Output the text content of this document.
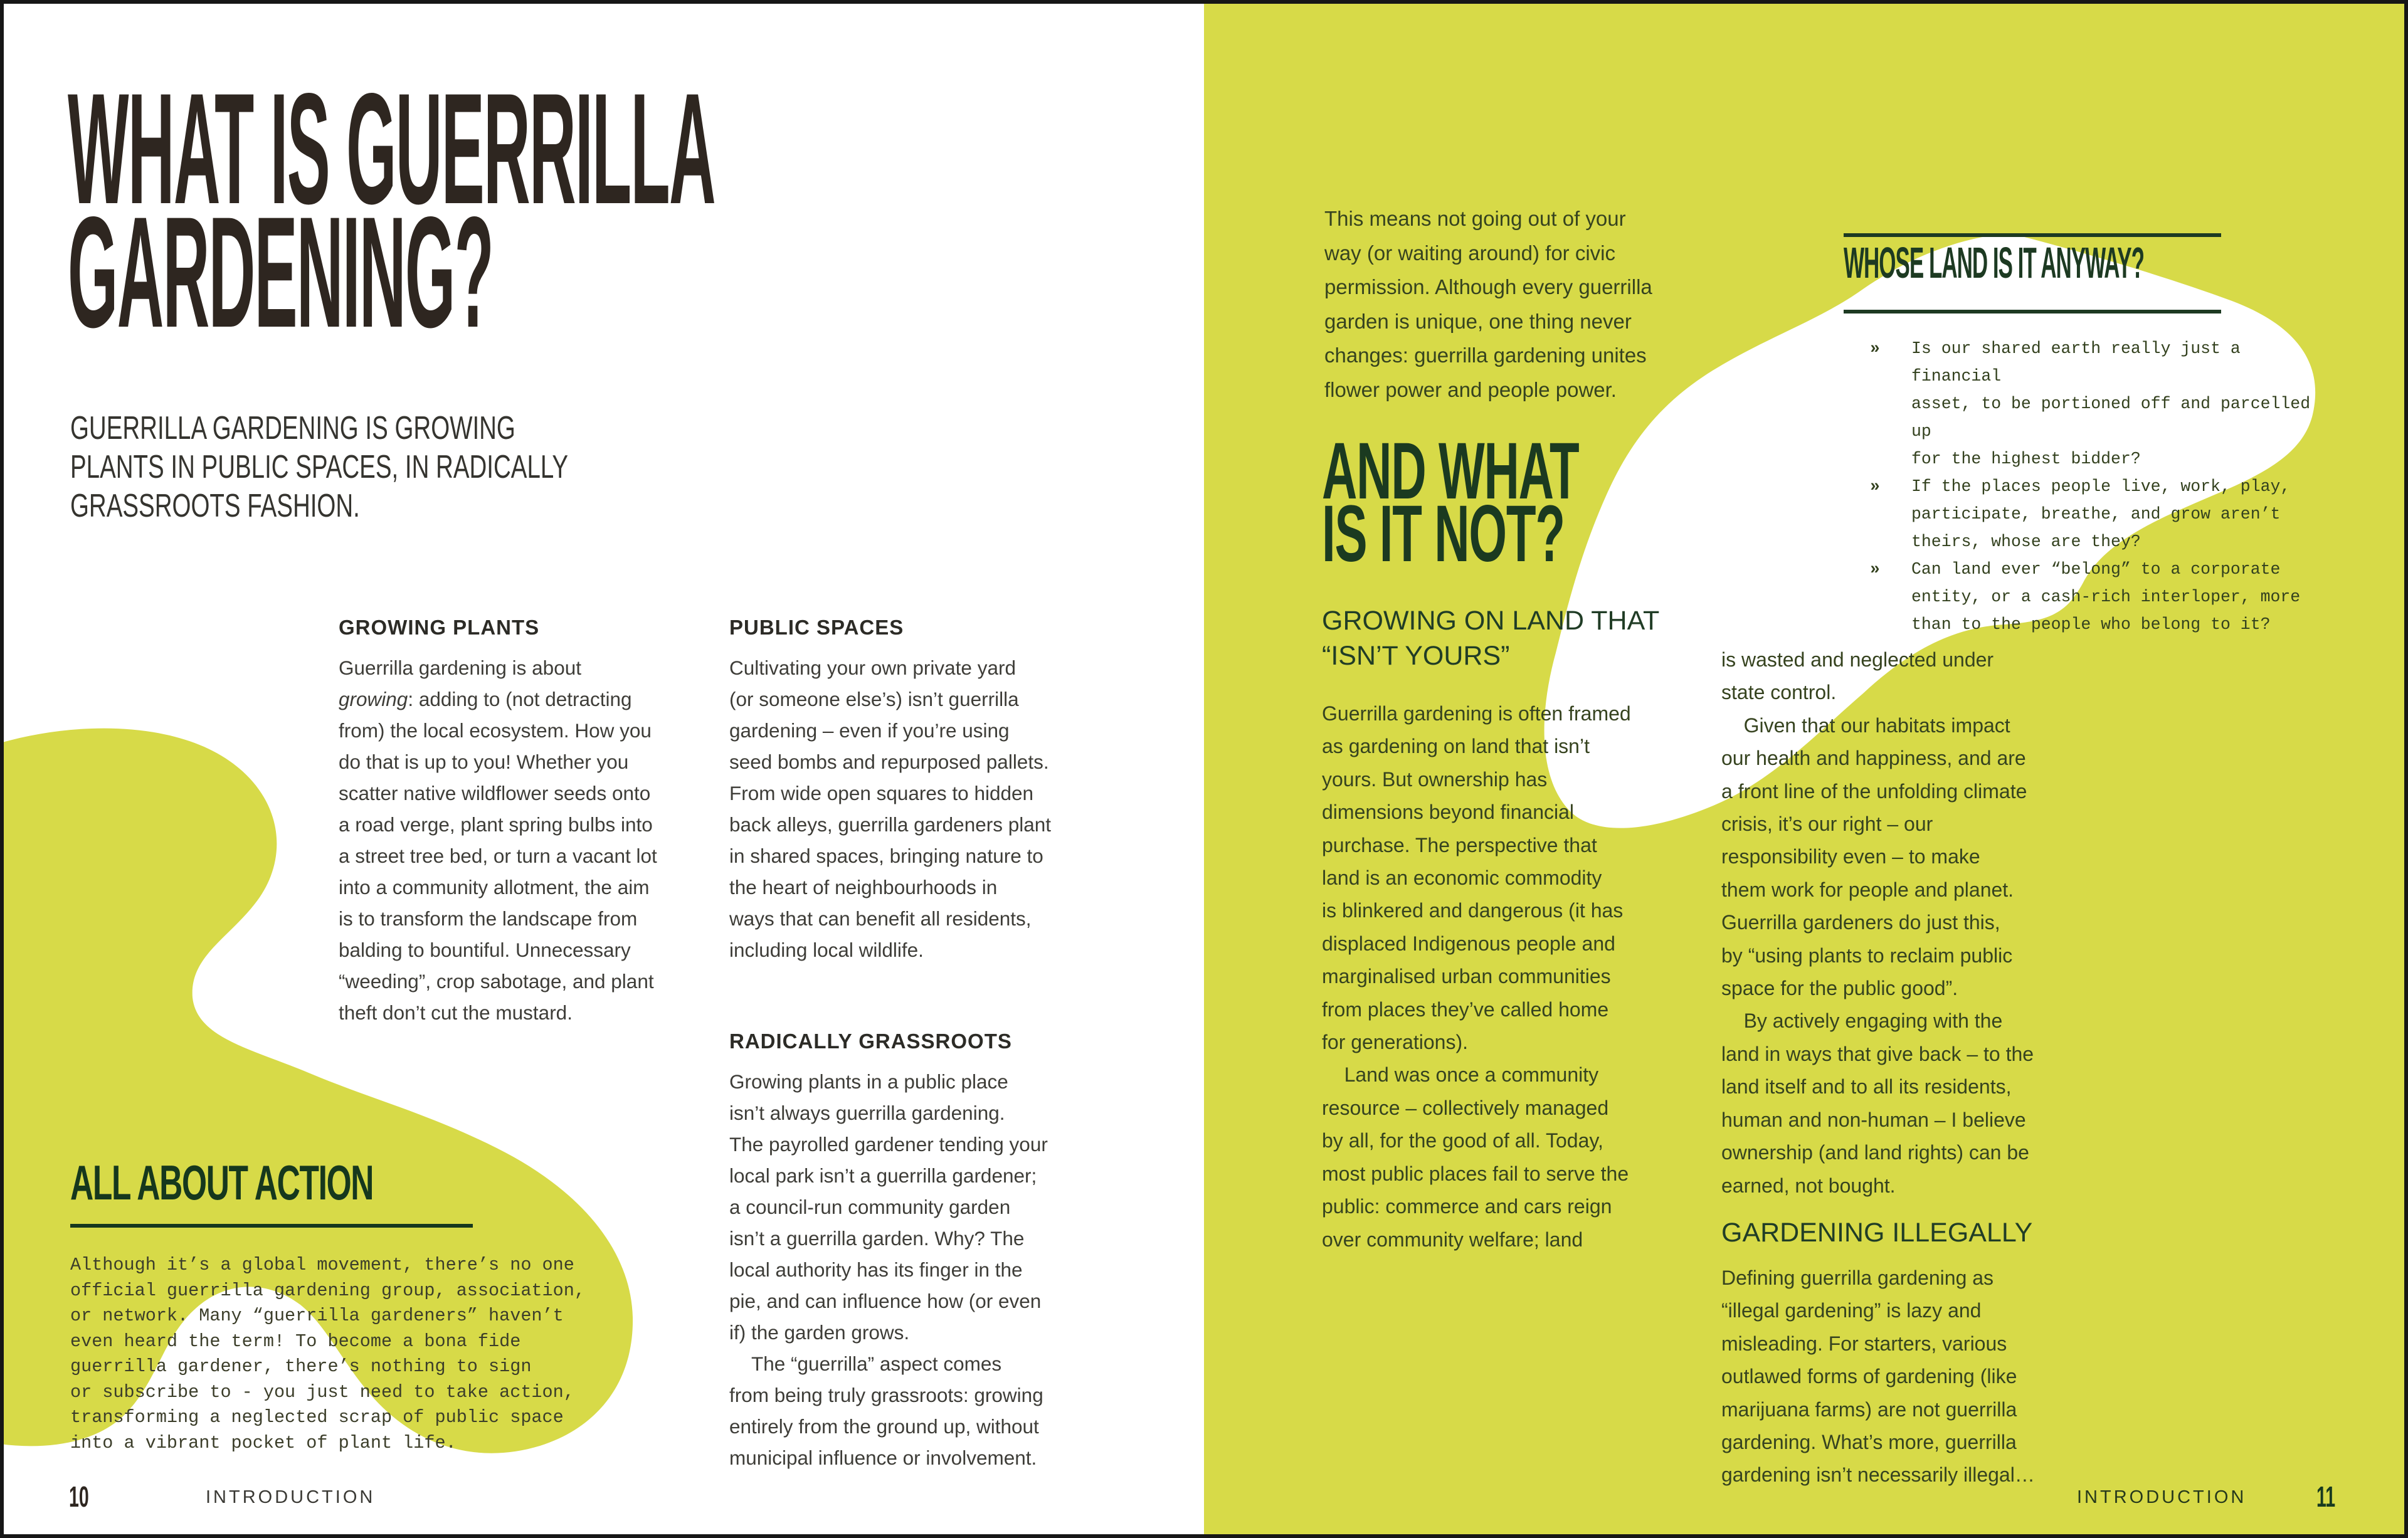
WHAT IS GUERRILLA
GARDENING?
GUERRILLA GARDENING IS GROWING
PLANTS IN PUBLIC SPACES, IN RADICALLY
GRASSROOTS FASHION.
GROWING PLANTS
Guerrilla gardening is about
growing: adding to (not detracting
from) the local ecosystem. How you
do that is up to you! Whether you
scatter native wildflower seeds onto
a road verge, plant spring bulbs into
a street tree bed, or turn a vacant lot
into a community allotment, the aim
is to transform the landscape from
balding to bountiful. Unnecessary
“weeding”, crop sabotage, and plant
theft don’t cut the mustard.
PUBLIC SPACES
Cultivating your own private yard
(or someone else’s) isn’t guerrilla
gardening – even if you’re using
seed bombs and repurposed pallets.
From wide open squares to hidden
back alleys, guerrilla gardeners plant
in shared spaces, bringing nature to
the heart of neighbourhoods in
ways that can benefit all residents,
including local wildlife.
RADICALLY GRASSROOTS
Growing plants in a public place
isn’t always guerrilla gardening.
The payrolled gardener tending your
local park isn’t a guerrilla gardener;
a council-run community garden
isn’t a guerrilla garden. Why? The
local authority has its finger in the
pie, and can influence how (or even
if) the garden grows.
The “guerrilla” aspect comes
from being truly grassroots: growing
entirely from the ground up, without
municipal influence or involvement.
ALL ABOUT ACTION
Although it’s a global movement, there’s no one
official guerrilla gardening group, association,
or network. Many “guerrilla gardeners” haven’t
even heard the term! To become a bona fide
guerrilla gardener, there’s nothing to sign
or subscribe to - you just need to take action,
transforming a neglected scrap of public space
into a vibrant pocket of plant life.
10	INTRODUCTION
This means not going out of your
way (or waiting around) for civic
permission. Although every guerrilla
garden is unique, one thing never
changes: guerrilla gardening unites
flower power and people power.
AND WHAT
IS IT NOT?
WHOSE LAND IS IT ANYWAY?
»	Is our shared earth really just a financial
asset, to be portioned off and parcelled up
for the highest bidder?
»	If the places people live, work, play,
participate, breathe, and grow aren’t
theirs, whose are they?
»	Can land ever “belong” to a corporate
entity, or a cash-rich interloper, more
than to the people who belong to it?
GROWING ON LAND THAT
“ISN’T YOURS”
Guerrilla gardening is often framed
as gardening on land that isn’t
yours. But ownership has
dimensions beyond financial
purchase. The perspective that
land is an economic commodity
is blinkered and dangerous (it has
displaced Indigenous people and
marginalised urban communities
from places they’ve called home
for generations).
Land was once a community
resource – collectively managed
by all, for the good of all. Today,
most public places fail to serve the
public: commerce and cars reign
over community welfare; land
is wasted and neglected under
state control.
Given that our habitats impact
our health and happiness, and are
a front line of the unfolding climate
crisis, it’s our right – our
responsibility even – to make
them work for people and planet.
Guerrilla gardeners do just this,
by “using plants to reclaim public
space for the public good”.
By actively engaging with the
land in ways that give back – to the
land itself and to all its residents,
human and non-human – I believe
ownership (and land rights) can be
earned, not bought.
GARDENING ILLEGALLY
Defining guerrilla gardening as
“illegal gardening” is lazy and
misleading. For starters, various
outlawed forms of gardening (like
marijuana farms) are not guerrilla
gardening. What’s more, guerrilla
gardening isn’t necessarily illegal…
INTRODUCTION 11
